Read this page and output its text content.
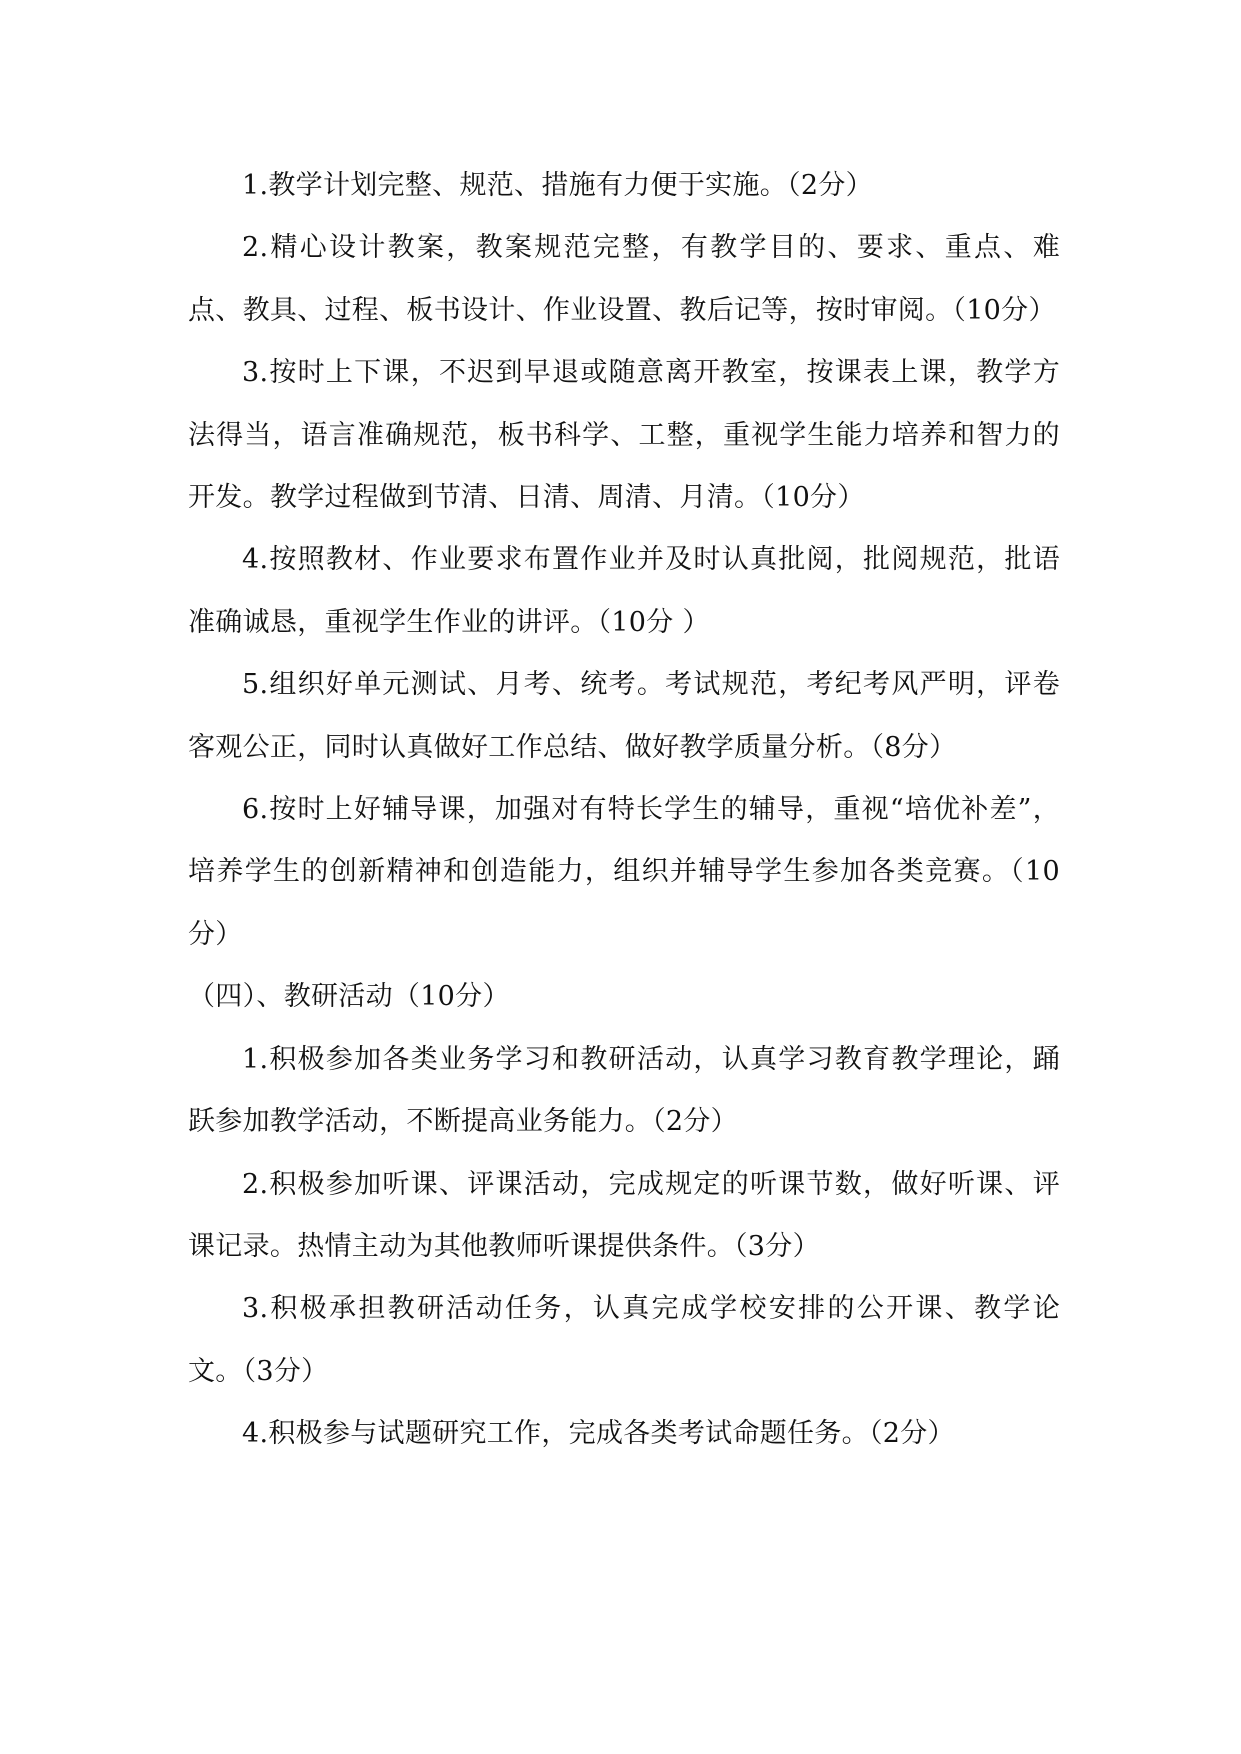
1.教学计划完整、规范、措施有力便于实施。（2分）

2.精心设计教案，教案规范完整，有教学目的、要求、重点、难点、教具、过程、板书设计、作业设置、教后记等，按时审阅。（10分）

3.按时上下课，不迟到早退或随意离开教室，按课表上课，教学方法得当，语言准确规范，板书科学、工整，重视学生能力培养和智力的开发。教学过程做到节清、日清、周清、月清。（10分）

4.按照教材、作业要求布置作业并及时认真批阅，批阅规范，批语准确诚恳，重视学生作业的讲评。（10分 ）

5.组织好单元测试、月考、统考。考试规范，考纪考风严明，评卷客观公正，同时认真做好工作总结、做好教学质量分析。（8分）

6.按时上好辅导课，加强对有特长学生的辅导，重视“培优补差”，培养学生的创新精神和创造能力，组织并辅导学生参加各类竞赛。（10分）

（四）、教研活动（10分）

1.积极参加各类业务学习和教研活动，认真学习教育教学理论，踊跃参加教学活动，不断提高业务能力。（2分）

2.积极参加听课、评课活动，完成规定的听课节数，做好听课、评课记录。热情主动为其他教师听课提供条件。（3分）

3.积极承担教研活动任务，认真完成学校安排的公开课、教学论文。（3分）

4.积极参与试题研究工作，完成各类考试命题任务。（2分）
